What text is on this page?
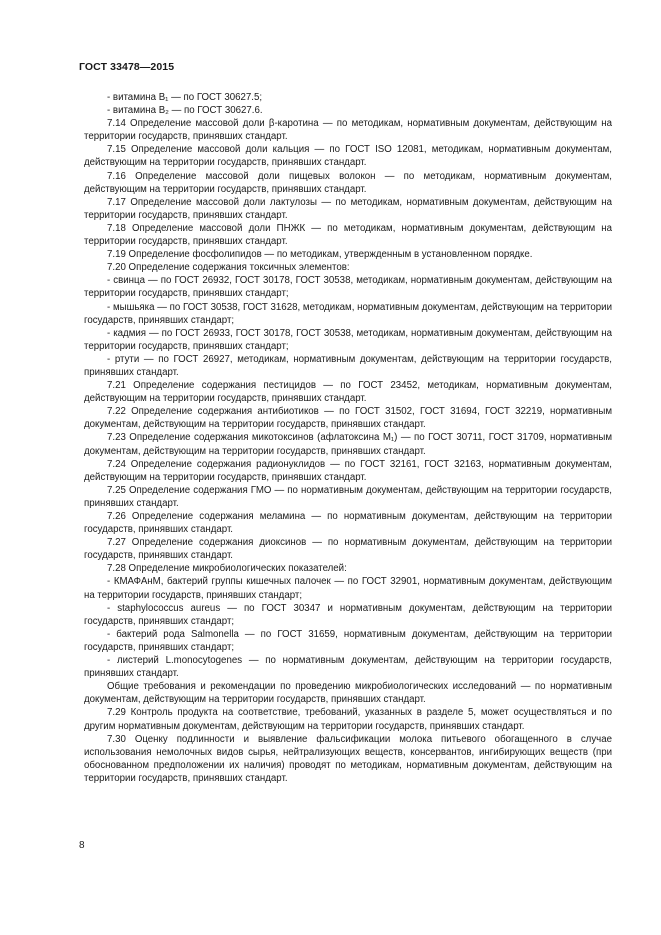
ГОСТ 33478—2015

- витамина B₁ — по ГОСТ 30627.5;

- витамина B₂ — по ГОСТ 30627.6.

7.14 Определение массовой доли β-каротина — по методикам, нормативным документам, действующим на территории государств, принявших стандарт.

7.15 Определение массовой доли кальция — по ГОСТ ISO 12081, методикам, нормативным документам, действующим на территории государств, принявших стандарт.

7.16 Определение массовой доли пищевых волокон — по методикам, нормативным документам, действующим на территории государств, принявших стандарт.

7.17 Определение массовой доли лактулозы — по методикам, нормативным документам, действующим на территории государств, принявших стандарт.

7.18 Определение массовой доли ПНЖК — по методикам, нормативным документам, действующим на территории государств, принявших стандарт.

7.19 Определение фосфолипидов — по методикам, утвержденным в установленном порядке.

7.20 Определение содержания токсичных элементов:

- свинца — по ГОСТ 26932, ГОСТ 30178, ГОСТ 30538, методикам, нормативным документам, действующим на территории государств, принявших стандарт;

- мышьяка — по ГОСТ 30538, ГОСТ 31628, методикам, нормативным документам, действующим на территории государств, принявших стандарт;

- кадмия — по ГОСТ 26933, ГОСТ 30178, ГОСТ 30538, методикам, нормативным документам, действующим на территории государств, принявших стандарт;

- ртути — по ГОСТ 26927, методикам, нормативным документам, действующим на территории государств, принявших стандарт.

7.21 Определение содержания пестицидов — по ГОСТ 23452, методикам, нормативным документам, действующим на территории государств, принявших стандарт.

7.22 Определение содержания антибиотиков — по ГОСТ 31502, ГОСТ 31694, ГОСТ 32219, нормативным документам, действующим на территории государств, принявших стандарт.

7.23 Определение содержания микотоксинов (афлатоксина M₁) — по ГОСТ 30711, ГОСТ 31709, нормативным документам, действующим на территории государств, принявших стандарт.

7.24 Определение содержания радионуклидов — по ГОСТ 32161, ГОСТ 32163, нормативным документам, действующим на территории государств, принявших стандарт.

7.25 Определение содержания ГМО — по нормативным документам, действующим на территории государств, принявших стандарт.

7.26 Определение содержания меламина — по нормативным документам, действующим на территории государств, принявших стандарт.

7.27 Определение содержания диоксинов — по нормативным документам, действующим на территории государств, принявших стандарт.

7.28 Определение микробиологических показателей:

- КМАФАнМ, бактерий группы кишечных палочек — по ГОСТ 32901, нормативным документам, действующим на территории государств, принявших стандарт;

- staphylococcus aureus — по ГОСТ 30347 и нормативным документам, действующим на территории государств, принявших стандарт;

- бактерий рода Salmonella — по ГОСТ 31659, нормативным документам, действующим на территории государств, принявших стандарт;

- листерий L.monocytogenes — по нормативным документам, действующим на территории государств, принявших стандарт.

Общие требования и рекомендации по проведению микробиологических исследований — по нормативным документам, действующим на территории государств, принявших стандарт.

7.29 Контроль продукта на соответствие, требований, указанных в разделе 5, может осуществляться и по другим нормативным документам, действующим на территории государств, принявших стандарт.

7.30 Оценку подлинности и выявление фальсификации молока питьевого обогащенного в случае использования немолочных видов сырья, нейтрализующих веществ, консервантов, ингибирующих веществ (при обоснованном предположении их наличия) проводят по методикам, нормативным документам, действующим на территории государств, принявших стандарт.

8
